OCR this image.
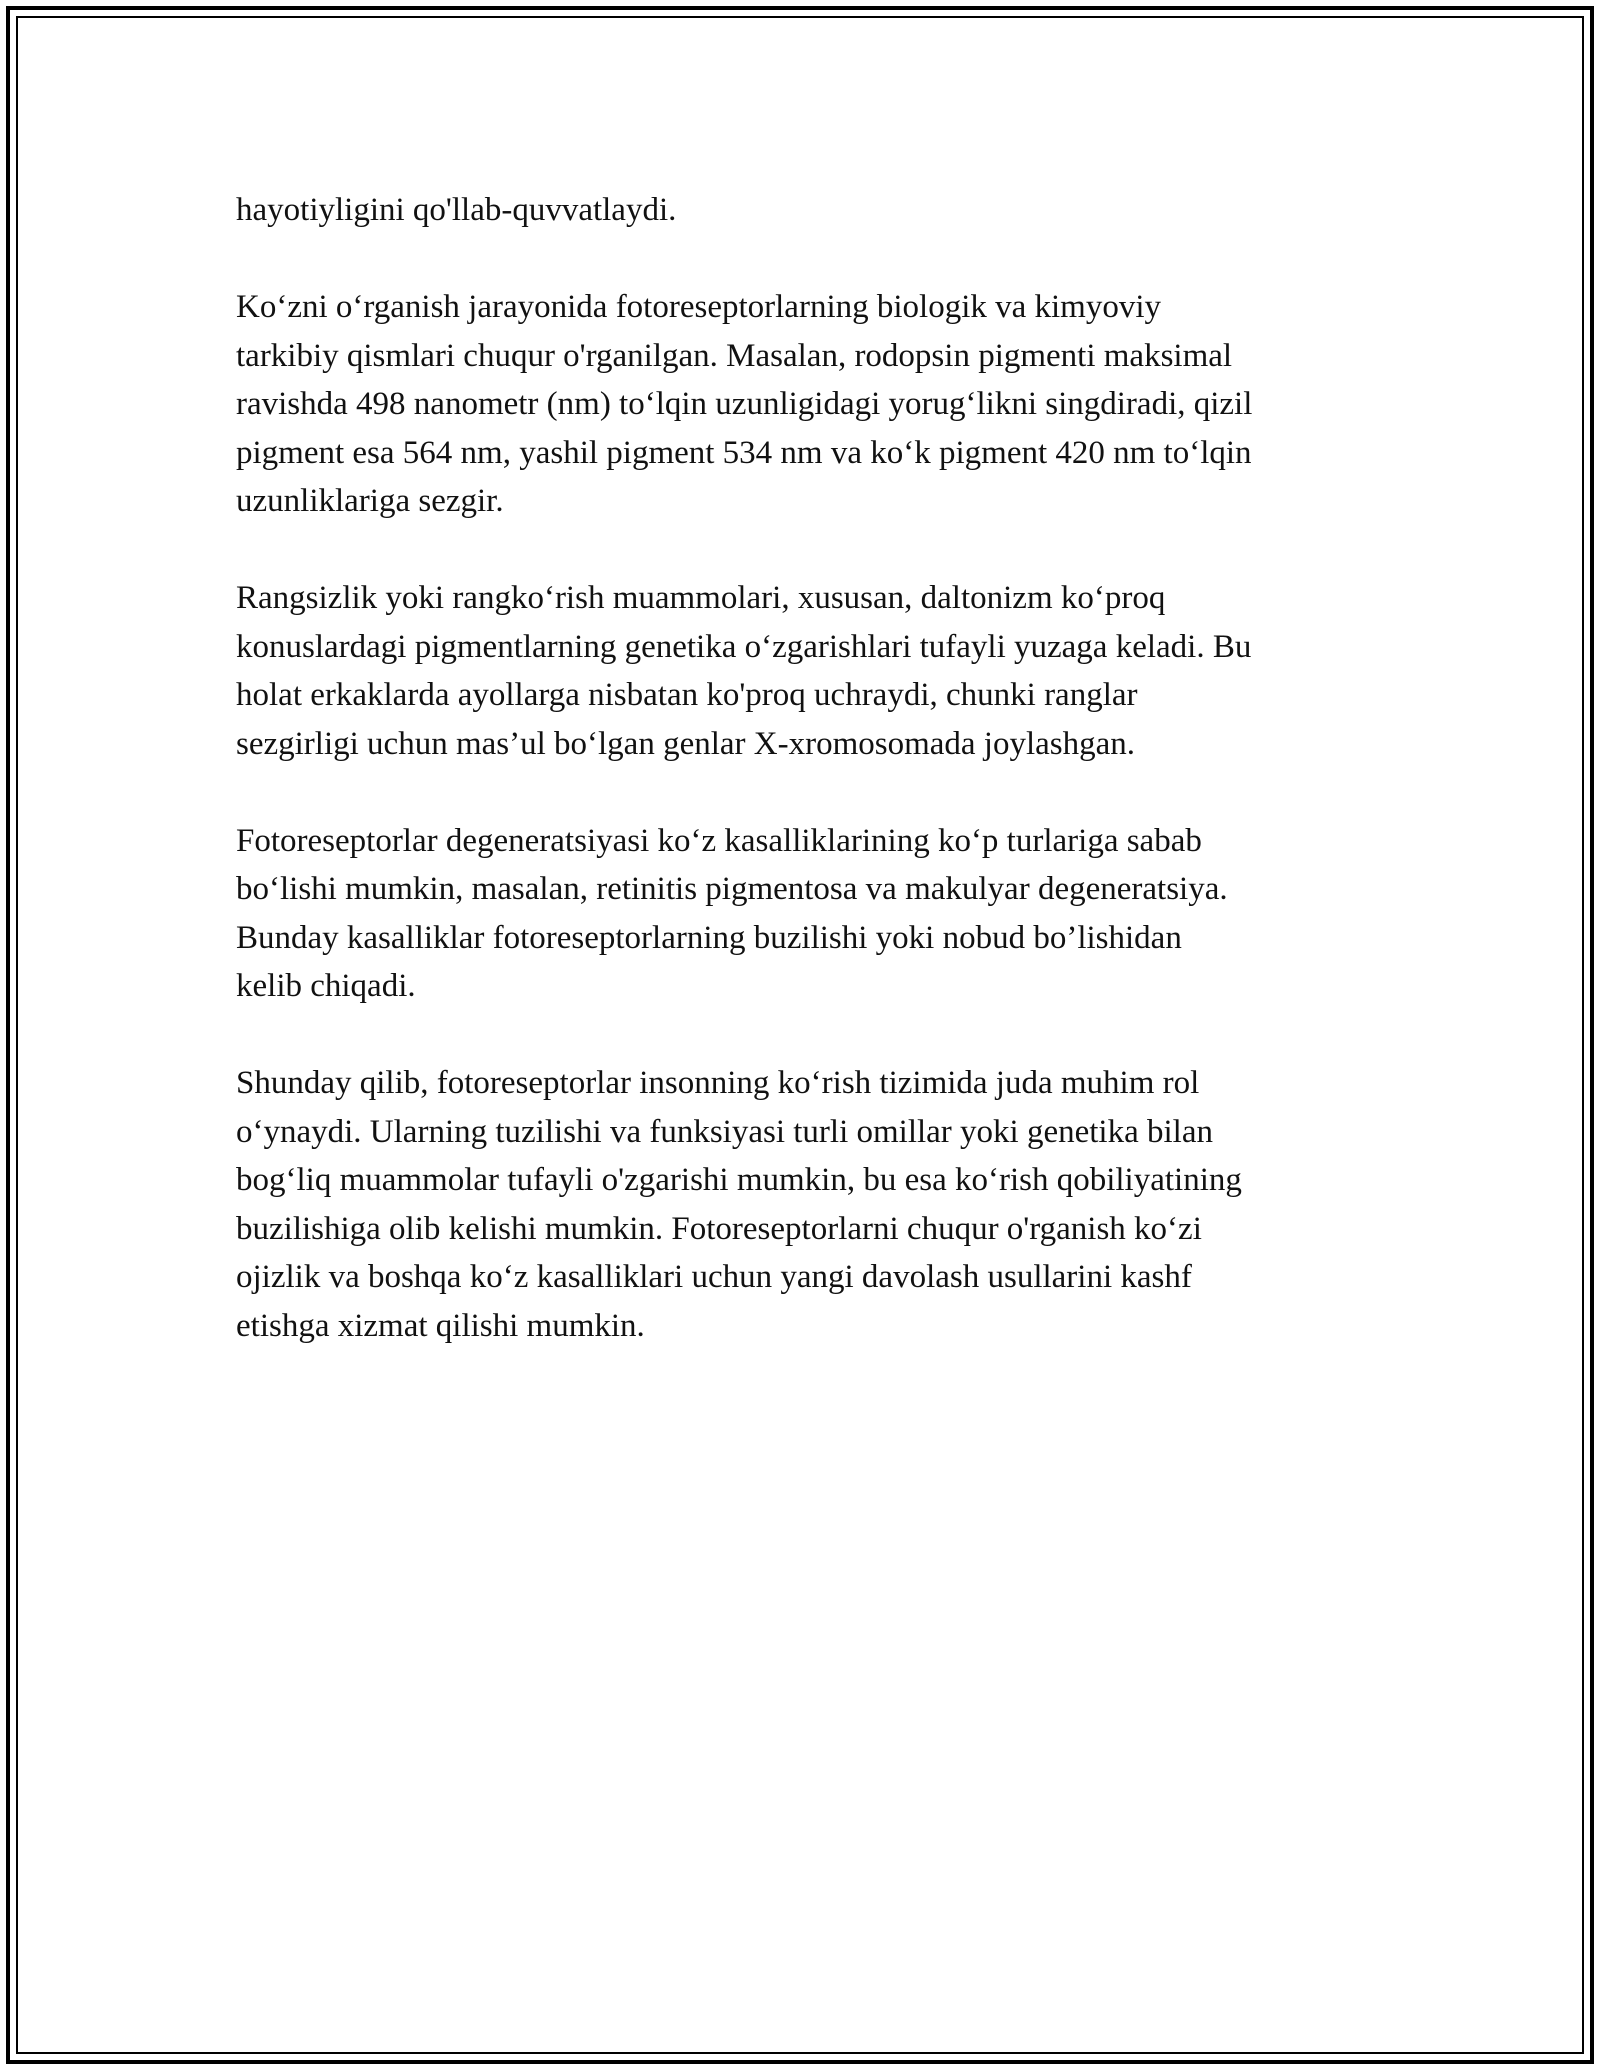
hayotiyligini qo'llab-quvvatlaydi.

Ko‘zni o‘rganish jarayonida fotoreseptorlarning biologik va kimyoviy
tarkibiy qismlari chuqur o'rganilgan. Masalan, rodopsin pigmenti maksimal
ravishda 498 nanometr (nm) to‘lqin uzunligidagi yorug‘likni singdiradi, qizil
pigment esa 564 nm, yashil pigment 534 nm va ko‘k pigment 420 nm to‘lqin
uzunliklariga sezgir.

Rangsizlik yoki rangko‘rish muammolari, xususan, daltonizm ko‘proq
konuslardagi pigmentlarning genetika o‘zgarishlari tufayli yuzaga keladi. Bu
holat erkaklarda ayollarga nisbatan ko'proq uchraydi, chunki ranglar
sezgirligi uchun mas’ul bo‘lgan genlar X-xromosomada joylashgan.

Fotoreseptorlar degeneratsiyasi ko‘z kasalliklarining ko‘p turlariga sabab
bo‘lishi mumkin, masalan, retinitis pigmentosa va makulyar degeneratsiya.
Bunday kasalliklar fotoreseptorlarning buzilishi yoki nobud bo’lishidan
kelib chiqadi.

Shunday qilib, fotoreseptorlar insonning ko‘rish tizimida juda muhim rol
o‘ynaydi. Ularning tuzilishi va funksiyasi turli omillar yoki genetika bilan
bog‘liq muammolar tufayli o'zgarishi mumkin, bu esa ko‘rish qobiliyatining
buzilishiga olib kelishi mumkin. Fotoreseptorlarni chuqur o'rganish ko‘zi
ojizlik va boshqa ko‘z kasalliklari uchun yangi davolash usullarini kashf
etishga xizmat qilishi mumkin.
